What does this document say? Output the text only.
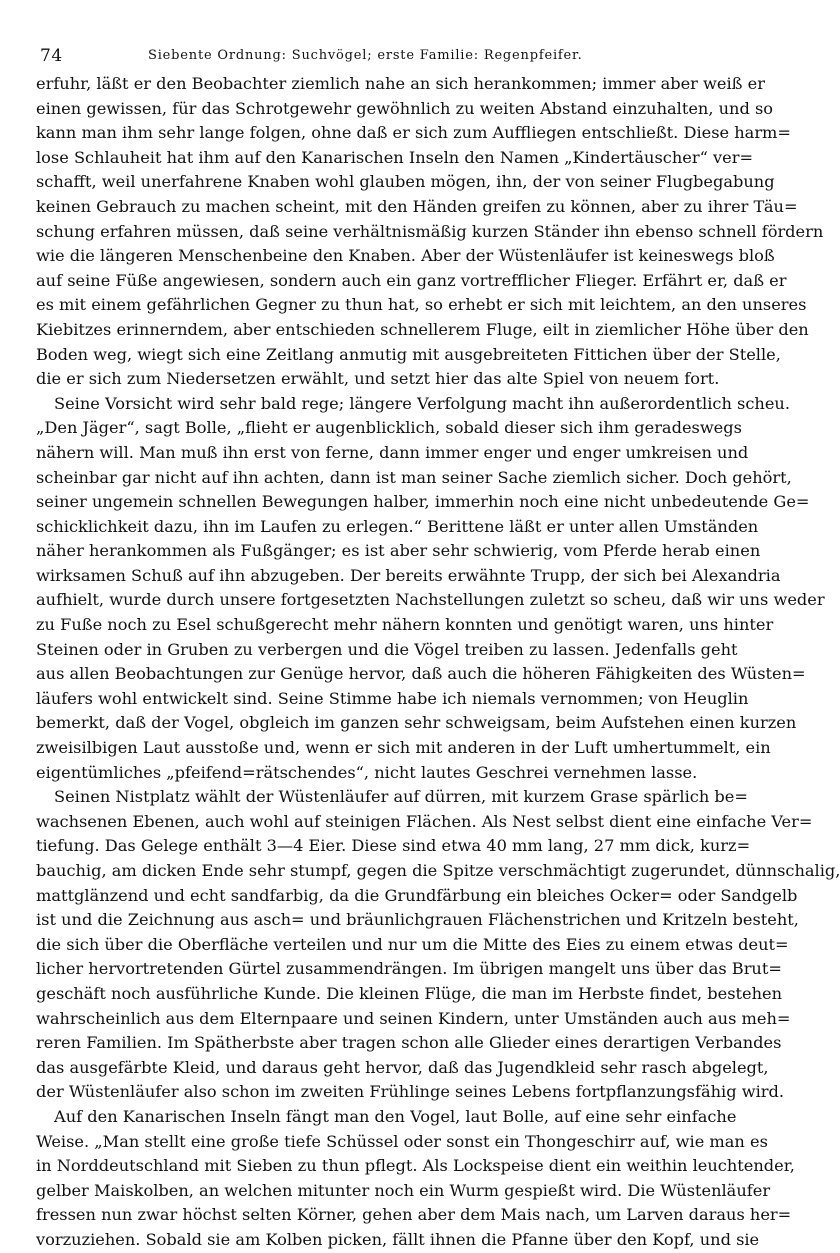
74	Siebente Ordnung: Suchvögel; erste Familie: Regenpfeifer.
erfuhr, läßt er den Beobachter ziemlich nahe an sich herankommen; immer aber weiß er
einen gewissen, für das Schrotgewehr gewöhnlich zu weiten Abstand einzuhalten, und so
kann man ihm sehr lange folgen, ohne daß er sich zum Auffliegen entschließt. Diese harm=
lose Schlauheit hat ihm auf den Kanarischen Inseln den Namen „Kindertäuscher“ ver=
schafft, weil unerfahrene Knaben wohl glauben mögen, ihn, der von seiner Flugbegabung
keinen Gebrauch zu machen scheint, mit den Händen greifen zu können, aber zu ihrer Täu=
schung erfahren müssen, daß seine verhältnismäßig kurzen Ständer ihn ebenso schnell fördern
wie die längeren Menschenbeine den Knaben. Aber der Wüstenläufer ist keineswegs bloß
auf seine Füße angewiesen, sondern auch ein ganz vortrefflicher Flieger. Erfährt er, daß er
es mit einem gefährlichen Gegner zu thun hat, so erhebt er sich mit leichtem, an den unseres
Kiebitzes erinnerndem, aber entschieden schnellerem Fluge, eilt in ziemlicher Höhe über den
Boden weg, wiegt sich eine Zeitlang anmutig mit ausgebreiteten Fittichen über der Stelle,
die er sich zum Niedersetzen erwählt, und setzt hier das alte Spiel von neuem fort.
Seine Vorsicht wird sehr bald rege; längere Verfolgung macht ihn außerordentlich scheu.
„Den Jäger“, sagt Bolle, „flieht er augenblicklich, sobald dieser sich ihm geradeswegs
nähern will. Man muß ihn erst von ferne, dann immer enger und enger umkreisen und
scheinbar gar nicht auf ihn achten, dann ist man seiner Sache ziemlich sicher. Doch gehört,
seiner ungemein schnellen Bewegungen halber, immerhin noch eine nicht unbedeutende Ge=
schicklichkeit dazu, ihn im Laufen zu erlegen.“ Berittene läßt er unter allen Umständen
näher herankommen als Fußgänger; es ist aber sehr schwierig, vom Pferde herab einen
wirksamen Schuß auf ihn abzugeben. Der bereits erwähnte Trupp, der sich bei Alexandria
aufhielt, wurde durch unsere fortgesetzten Nachstellungen zuletzt so scheu, daß wir uns weder
zu Fuße noch zu Esel schußgerecht mehr nähern konnten und genötigt waren, uns hinter
Steinen oder in Gruben zu verbergen und die Vögel treiben zu lassen. Jedenfalls geht
aus allen Beobachtungen zur Genüge hervor, daß auch die höheren Fähigkeiten des Wüsten=
läufers wohl entwickelt sind. Seine Stimme habe ich niemals vernommen; von Heuglin
bemerkt, daß der Vogel, obgleich im ganzen sehr schweigsam, beim Aufstehen einen kurzen
zweisilbigen Laut ausstoße und, wenn er sich mit anderen in der Luft umhertummelt, ein
eigentümliches „pfeifend=rätschendes“, nicht lautes Geschrei vernehmen lasse.
Seinen Nistplatz wählt der Wüstenläufer auf dürren, mit kurzem Grase spärlich be=
wachsenen Ebenen, auch wohl auf steinigen Flächen. Als Nest selbst dient eine einfache Ver=
tiefung. Das Gelege enthält 3—4 Eier. Diese sind etwa 40 mm lang, 27 mm dick, kurz=
bauchig, am dicken Ende sehr stumpf, gegen die Spitze verschmächtigt zugerundet, dünnschalig,
mattglänzend und echt sandfarbig, da die Grundfärbung ein bleiches Ocker= oder Sandgelb
ist und die Zeichnung aus asch= und bräunlichgrauen Flächenstrichen und Kritzeln besteht,
die sich über die Oberfläche verteilen und nur um die Mitte des Eies zu einem etwas deut=
licher hervortretenden Gürtel zusammendrängen. Im übrigen mangelt uns über das Brut=
geschäft noch ausführliche Kunde. Die kleinen Flüge, die man im Herbste findet, bestehen
wahrscheinlich aus dem Elternpaare und seinen Kindern, unter Umständen auch aus meh=
reren Familien. Im Spätherbste aber tragen schon alle Glieder eines derartigen Verbandes
das ausgefärbte Kleid, und daraus geht hervor, daß das Jugendkleid sehr rasch abgelegt,
der Wüstenläufer also schon im zweiten Frühlinge seines Lebens fortpflanzungsfähig wird.
Auf den Kanarischen Inseln fängt man den Vogel, laut Bolle, auf eine sehr einfache
Weise. „Man stellt eine große tiefe Schüssel oder sonst ein Thongeschirr auf, wie man es
in Norddeutschland mit Sieben zu thun pflegt. Als Lockspeise dient ein weithin leuchtender,
gelber Maiskolben, an welchen mitunter noch ein Wurm gespießt wird. Die Wüstenläufer
fressen nun zwar höchst selten Körner, gehen aber dem Mais nach, um Larven daraus her=
vorzuziehen. Sobald sie am Kolben picken, fällt ihnen die Pfanne über den Kopf, und sie
